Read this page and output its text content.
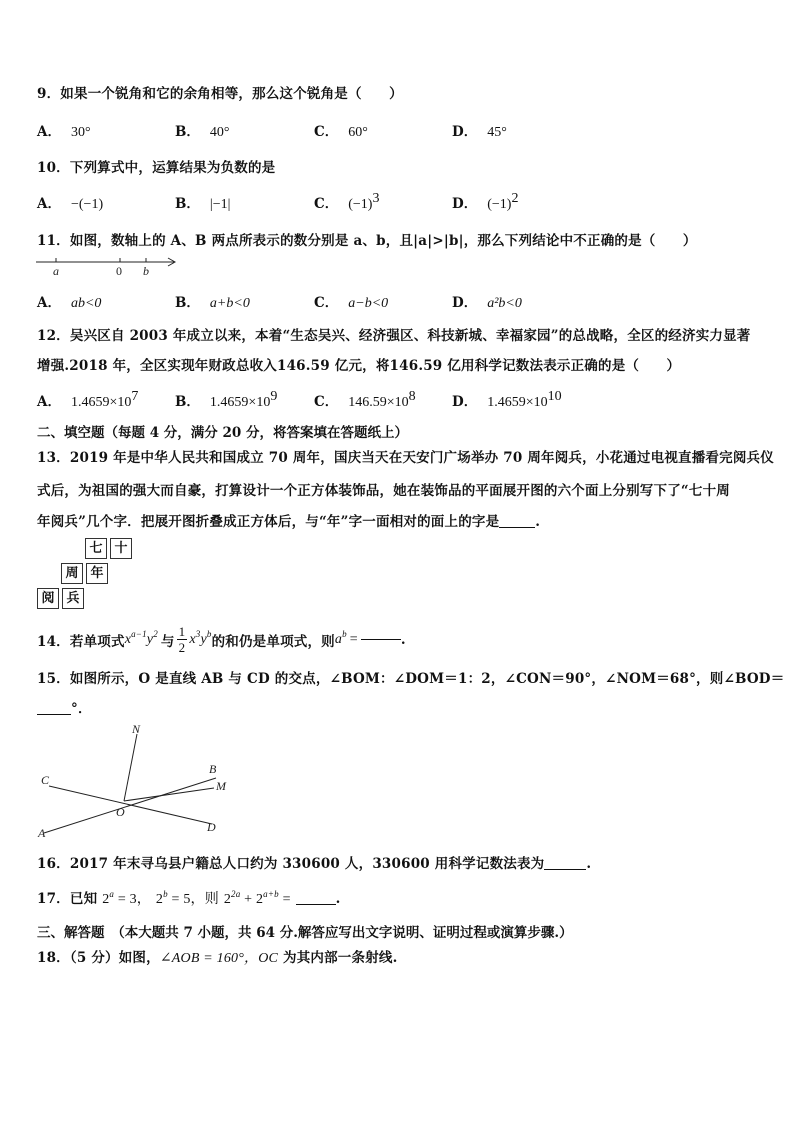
9．如果一个锐角和它的余角相等，那么这个锐角是（　　）
A． 30°	B． 40°	C． 60°	D． 45°
10．下列算式中，运算结果为负数的是
A． −(−1)	B． |−1|	C． $(-1)^3$	D． $(-1)^2$
11．如图，数轴上的 A、B 两点所表示的数分别是 a、b，且|a|>|b|，那么下列结论中不正确的是（　　）
a	0 b
A． ab<0	B． a+b<0	C． a−b<0	D． a²b<0
12．吴兴区自 2003 年成立以来，本着“生态吴兴、经济强区、科技新城、幸福家园”的总战略，全区的经济实力显著
增强.2018 年，全区实现年财政总收入146.59 亿元，将146.59 亿用科学记数法表示正确的是（　　）
A． $1.4659\times 10^7$	B． $1.4659\times 10^9$	C． $146.59\times 10^8$	D． $1.4659\times 10^{10}$
二、填空题（每题 4 分，满分 20 分，将答案填在答题纸上）
13．2019 年是中华人民共和国成立 70 周年，国庆当天在天安门广场举办 70 周年阅兵，小花通过电视直播看完阅兵仪
式后，为祖国的强大而自豪，打算设计一个正方体装饰品，她在装饰品的平面展开图的六个面上分别写下了“七十周
年阅兵”几个字．把展开图折叠成正方体后，与“年”字一面相对的面上的字是	.
七 十
周 年
阅 兵
14．若单项式 $x^{a-1}y^2$ 与 $\frac{1}{2} x^3y^b$ 的和仍是单项式，则 $a^b$ =	.
15．如图所示，O 是直线 AB 与 CD 的交点，∠BOM：∠DOM＝1：2，∠CON＝90°，∠NOM＝68°，则∠BOD＝
°．
N
C
B
M
O
A	D
16．2017 年末寻乌县户籍总人口约为 330600 人，330600 用科学记数法表为	.
17．已知 $2^a = 3$， $2^b = 5$，则 $2^{2a} + 2^{a+b}$ =	.
三、解答题　（本大题共 7 小题，共 64 分.解答应写出文字说明、证明过程或演算步骤.）
18．（5 分）如图，∠AOB = 160°，OC 为其内部一条射线.
